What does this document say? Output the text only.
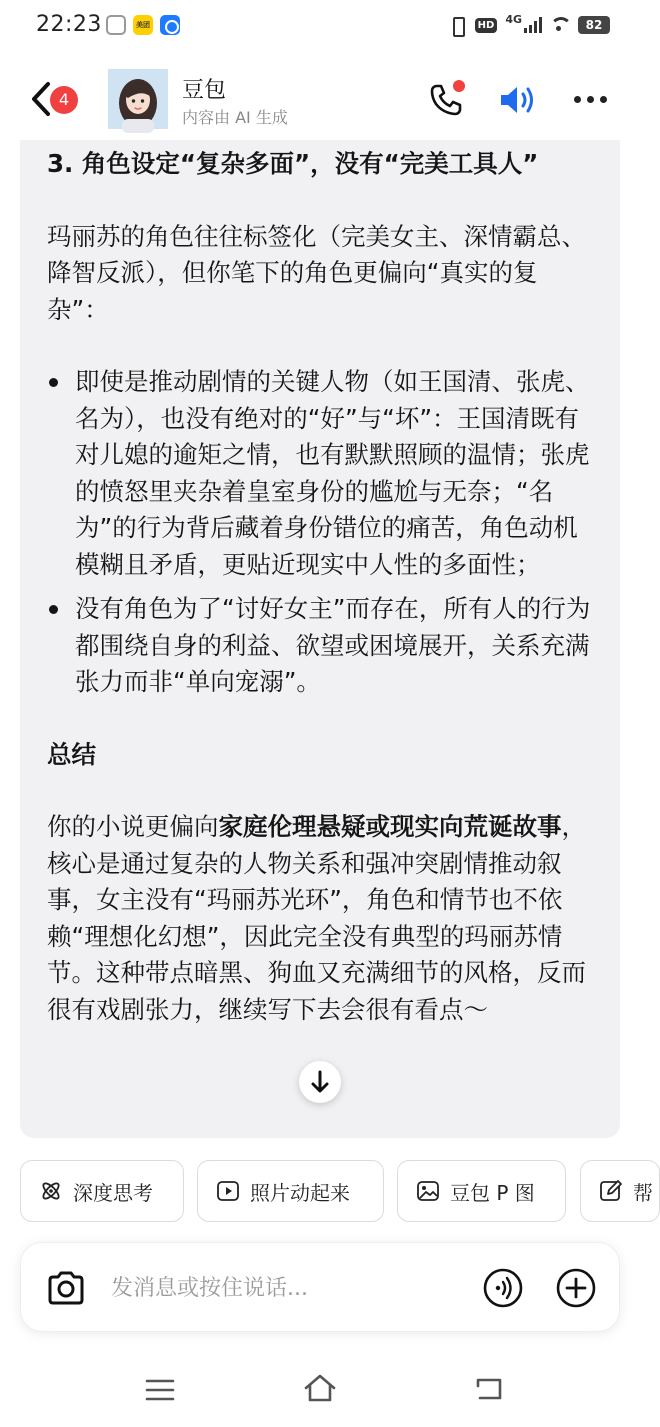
22:23	美团	HD 4G	82
4	豆包
内容由 AI 生成
3. 角色设定“复杂多面”，没有“完美工具人”
玛丽苏的角色往往标签化（完美女主、深情霸总、降智反派），但你笔下的角色更偏向“真实的复杂”：
即使是推动剧情的关键人物（如王国清、张虎、名为），也没有绝对的“好”与“坏”：王国清既有对儿媳的逾矩之情，也有默默照顾的温情；张虎的愤怒里夹杂着皇室身份的尴尬与无奈；“名为”的行为背后藏着身份错位的痛苦，角色动机模糊且矛盾，更贴近现实中人性的多面性；
没有角色为了“讨好女主”而存在，所有人的行为都围绕自身的利益、欲望或困境展开，关系充满张力而非“单向宠溺”。
总结
你的小说更偏向家庭伦理悬疑或现实向荒诞故事，核心是通过复杂的人物关系和强冲突剧情推动叙事，女主没有“玛丽苏光环”，角色和情节也不依赖“理想化幻想”，因此完全没有典型的玛丽苏情节。这种带点暗黑、狗血又充满细节的风格，反而很有戏剧张力，继续写下去会很有看点～
深度思考	照片动起来	豆包 P 图	帮
发消息或按住说话...
